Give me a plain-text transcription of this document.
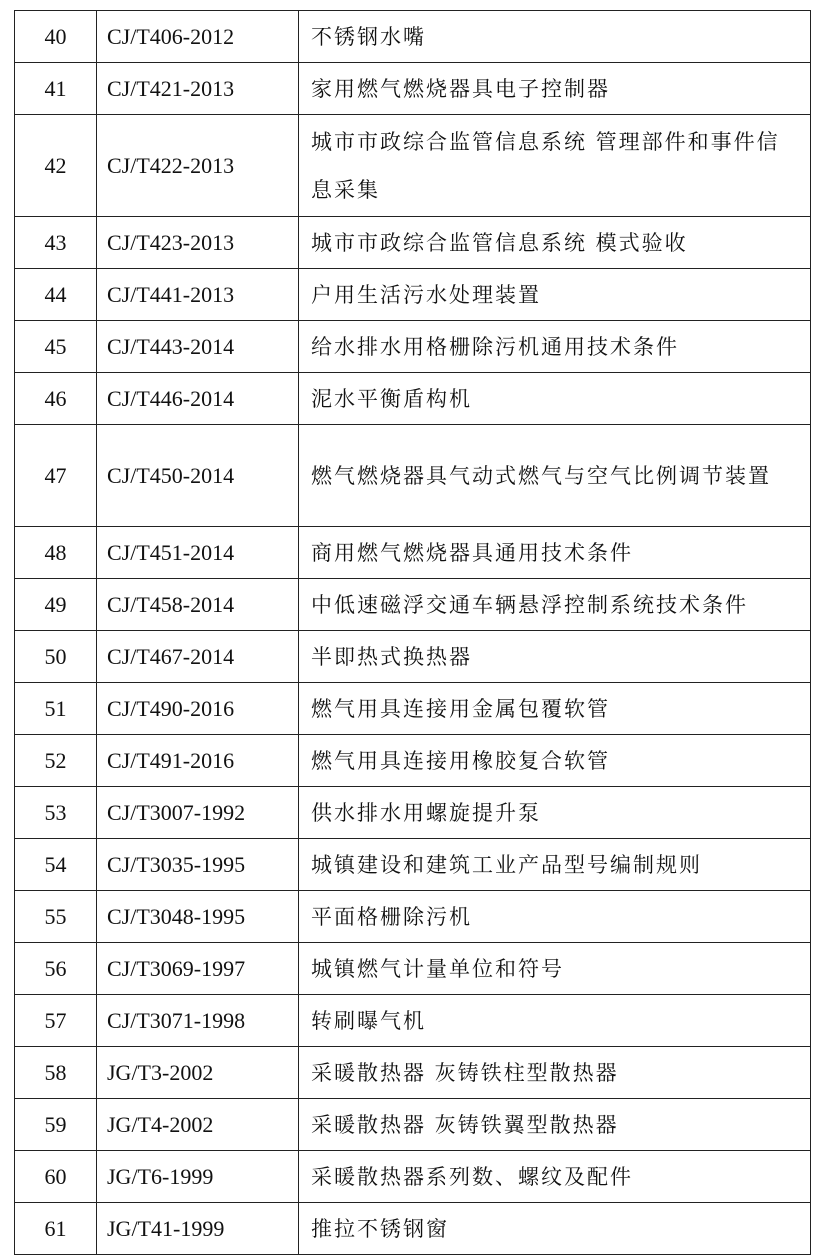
40	CJ/T406-2012	不锈钢水嘴
41	CJ/T421-2013	家用燃气燃烧器具电子控制器
42	CJ/T422-2013	城市市政综合监管信息系统 管理部件和事件信息采集
43	CJ/T423-2013	城市市政综合监管信息系统 模式验收
44	CJ/T441-2013	户用生活污水处理装置
45	CJ/T443-2014	给水排水用格栅除污机通用技术条件
46	CJ/T446-2014	泥水平衡盾构机
47	CJ/T450-2014	燃气燃烧器具气动式燃气与空气比例调节装置
48	CJ/T451-2014	商用燃气燃烧器具通用技术条件
49	CJ/T458-2014	中低速磁浮交通车辆悬浮控制系统技术条件
50	CJ/T467-2014	半即热式换热器
51	CJ/T490-2016	燃气用具连接用金属包覆软管
52	CJ/T491-2016	燃气用具连接用橡胶复合软管
53	CJ/T3007-1992	供水排水用螺旋提升泵
54	CJ/T3035-1995	城镇建设和建筑工业产品型号编制规则
55	CJ/T3048-1995	平面格栅除污机
56	CJ/T3069-1997	城镇燃气计量单位和符号
57	CJ/T3071-1998	转刷曝气机
58	JG/T3-2002	采暖散热器 灰铸铁柱型散热器
59	JG/T4-2002	采暖散热器 灰铸铁翼型散热器
60	JG/T6-1999	采暖散热器系列数、螺纹及配件
61	JG/T41-1999	推拉不锈钢窗
